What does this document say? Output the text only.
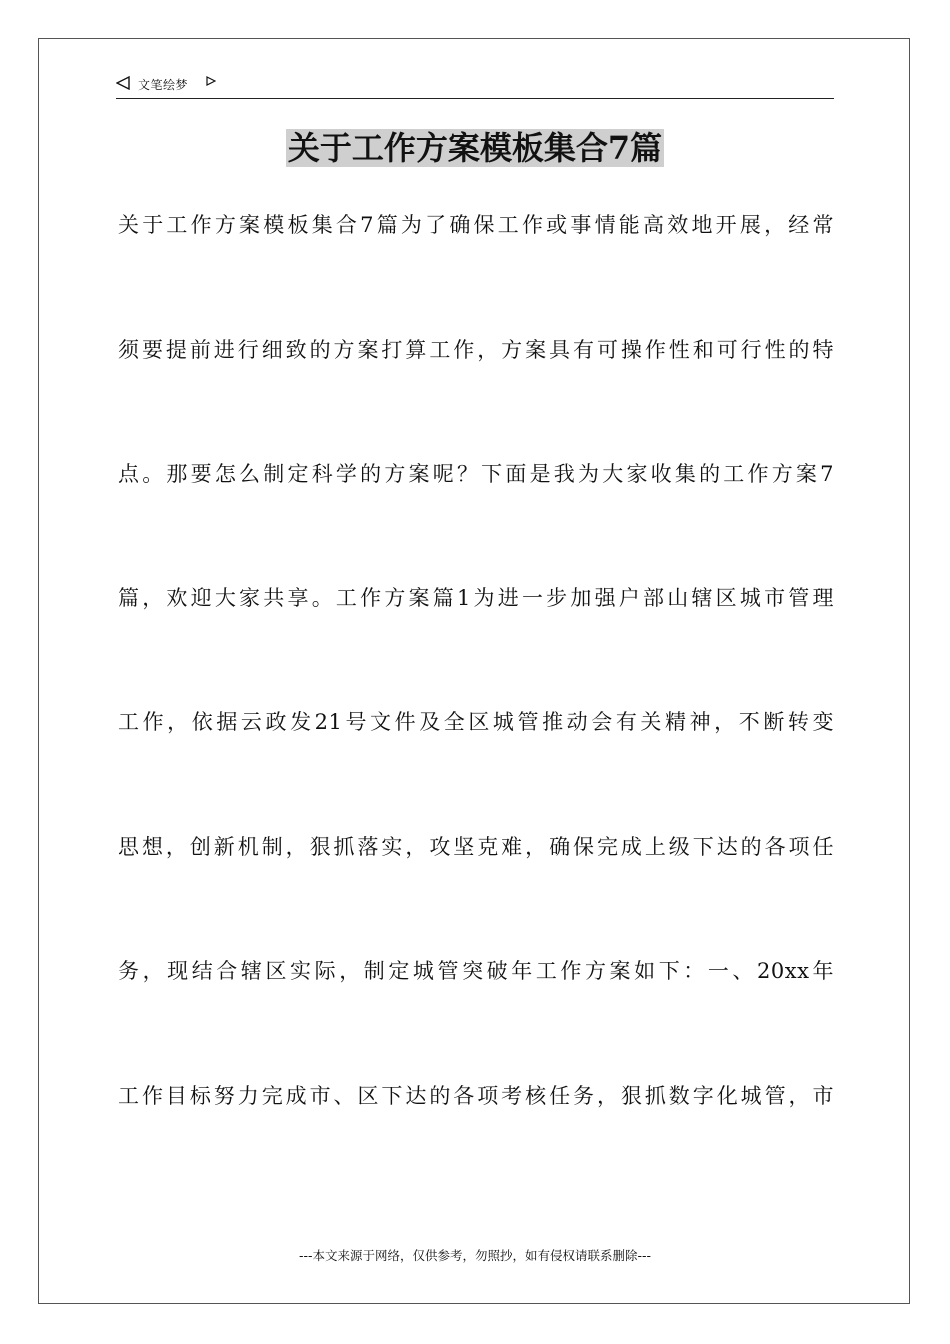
文笔绘梦
关于工作方案模板集合7篇
关于工作方案模板集合7篇为了确保工作或事情能高效地开展，经常
须要提前进行细致的方案打算工作，方案具有可操作性和可行性的特
点。那要怎么制定科学的方案呢？下面是我为大家收集的工作方案7
篇，欢迎大家共享。工作方案篇1为进一步加强户部山辖区城市管理
工作，依据云政发21号文件及全区城管推动会有关精神，不断转变
思想，创新机制，狠抓落实，攻坚克难，确保完成上级下达的各项任
务，现结合辖区实际，制定城管突破年工作方案如下：一、20xx年
工作目标努力完成市、区下达的各项考核任务，狠抓数字化城管，市
---本文来源于网络，仅供参考，勿照抄，如有侵权请联系删除---
